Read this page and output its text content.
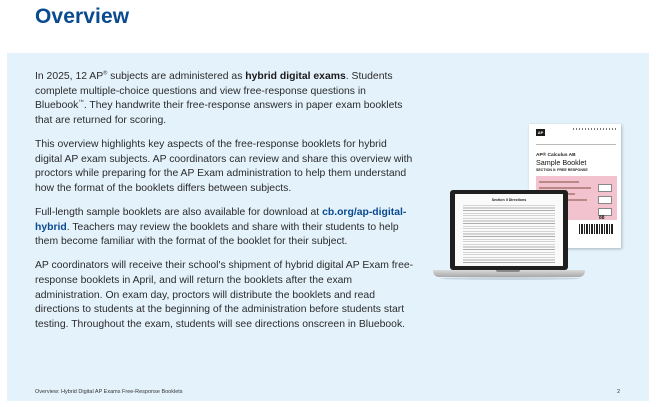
Overview

In 2025, 12 AP® subjects are administered as hybrid digital exams. Students complete multiple-choice questions and view free-response questions in Bluebook™. They handwrite their free-response answers in paper exam booklets that are returned for scoring.

This overview highlights key aspects of the free-response booklets for hybrid digital AP exam subjects. AP coordinators can review and share this overview with proctors while preparing for the AP Exam administration to help them understand how the format of the booklets differs between subjects.

Full-length sample booklets are also available for download at cb.org/ap-digital-hybrid. Teachers may review the booklets and share with their students to help them become familiar with the format of the booklet for their subject.

AP coordinators will receive their school's shipment of hybrid digital AP Exam free-response booklets in April, and will return the booklets after the exam administration. On exam day, proctors will distribute the booklets and read directions to students at the beginning of the administration before students start testing. Throughout the exam, students will see directions onscreen in Bluebook.

AP
AP® Calculus AB
Sample Booklet
SECTION II: FREE RESPONSE
88
Section II Directions
Overview: Hybrid Digital AP Exams Free-Response Booklets	2
